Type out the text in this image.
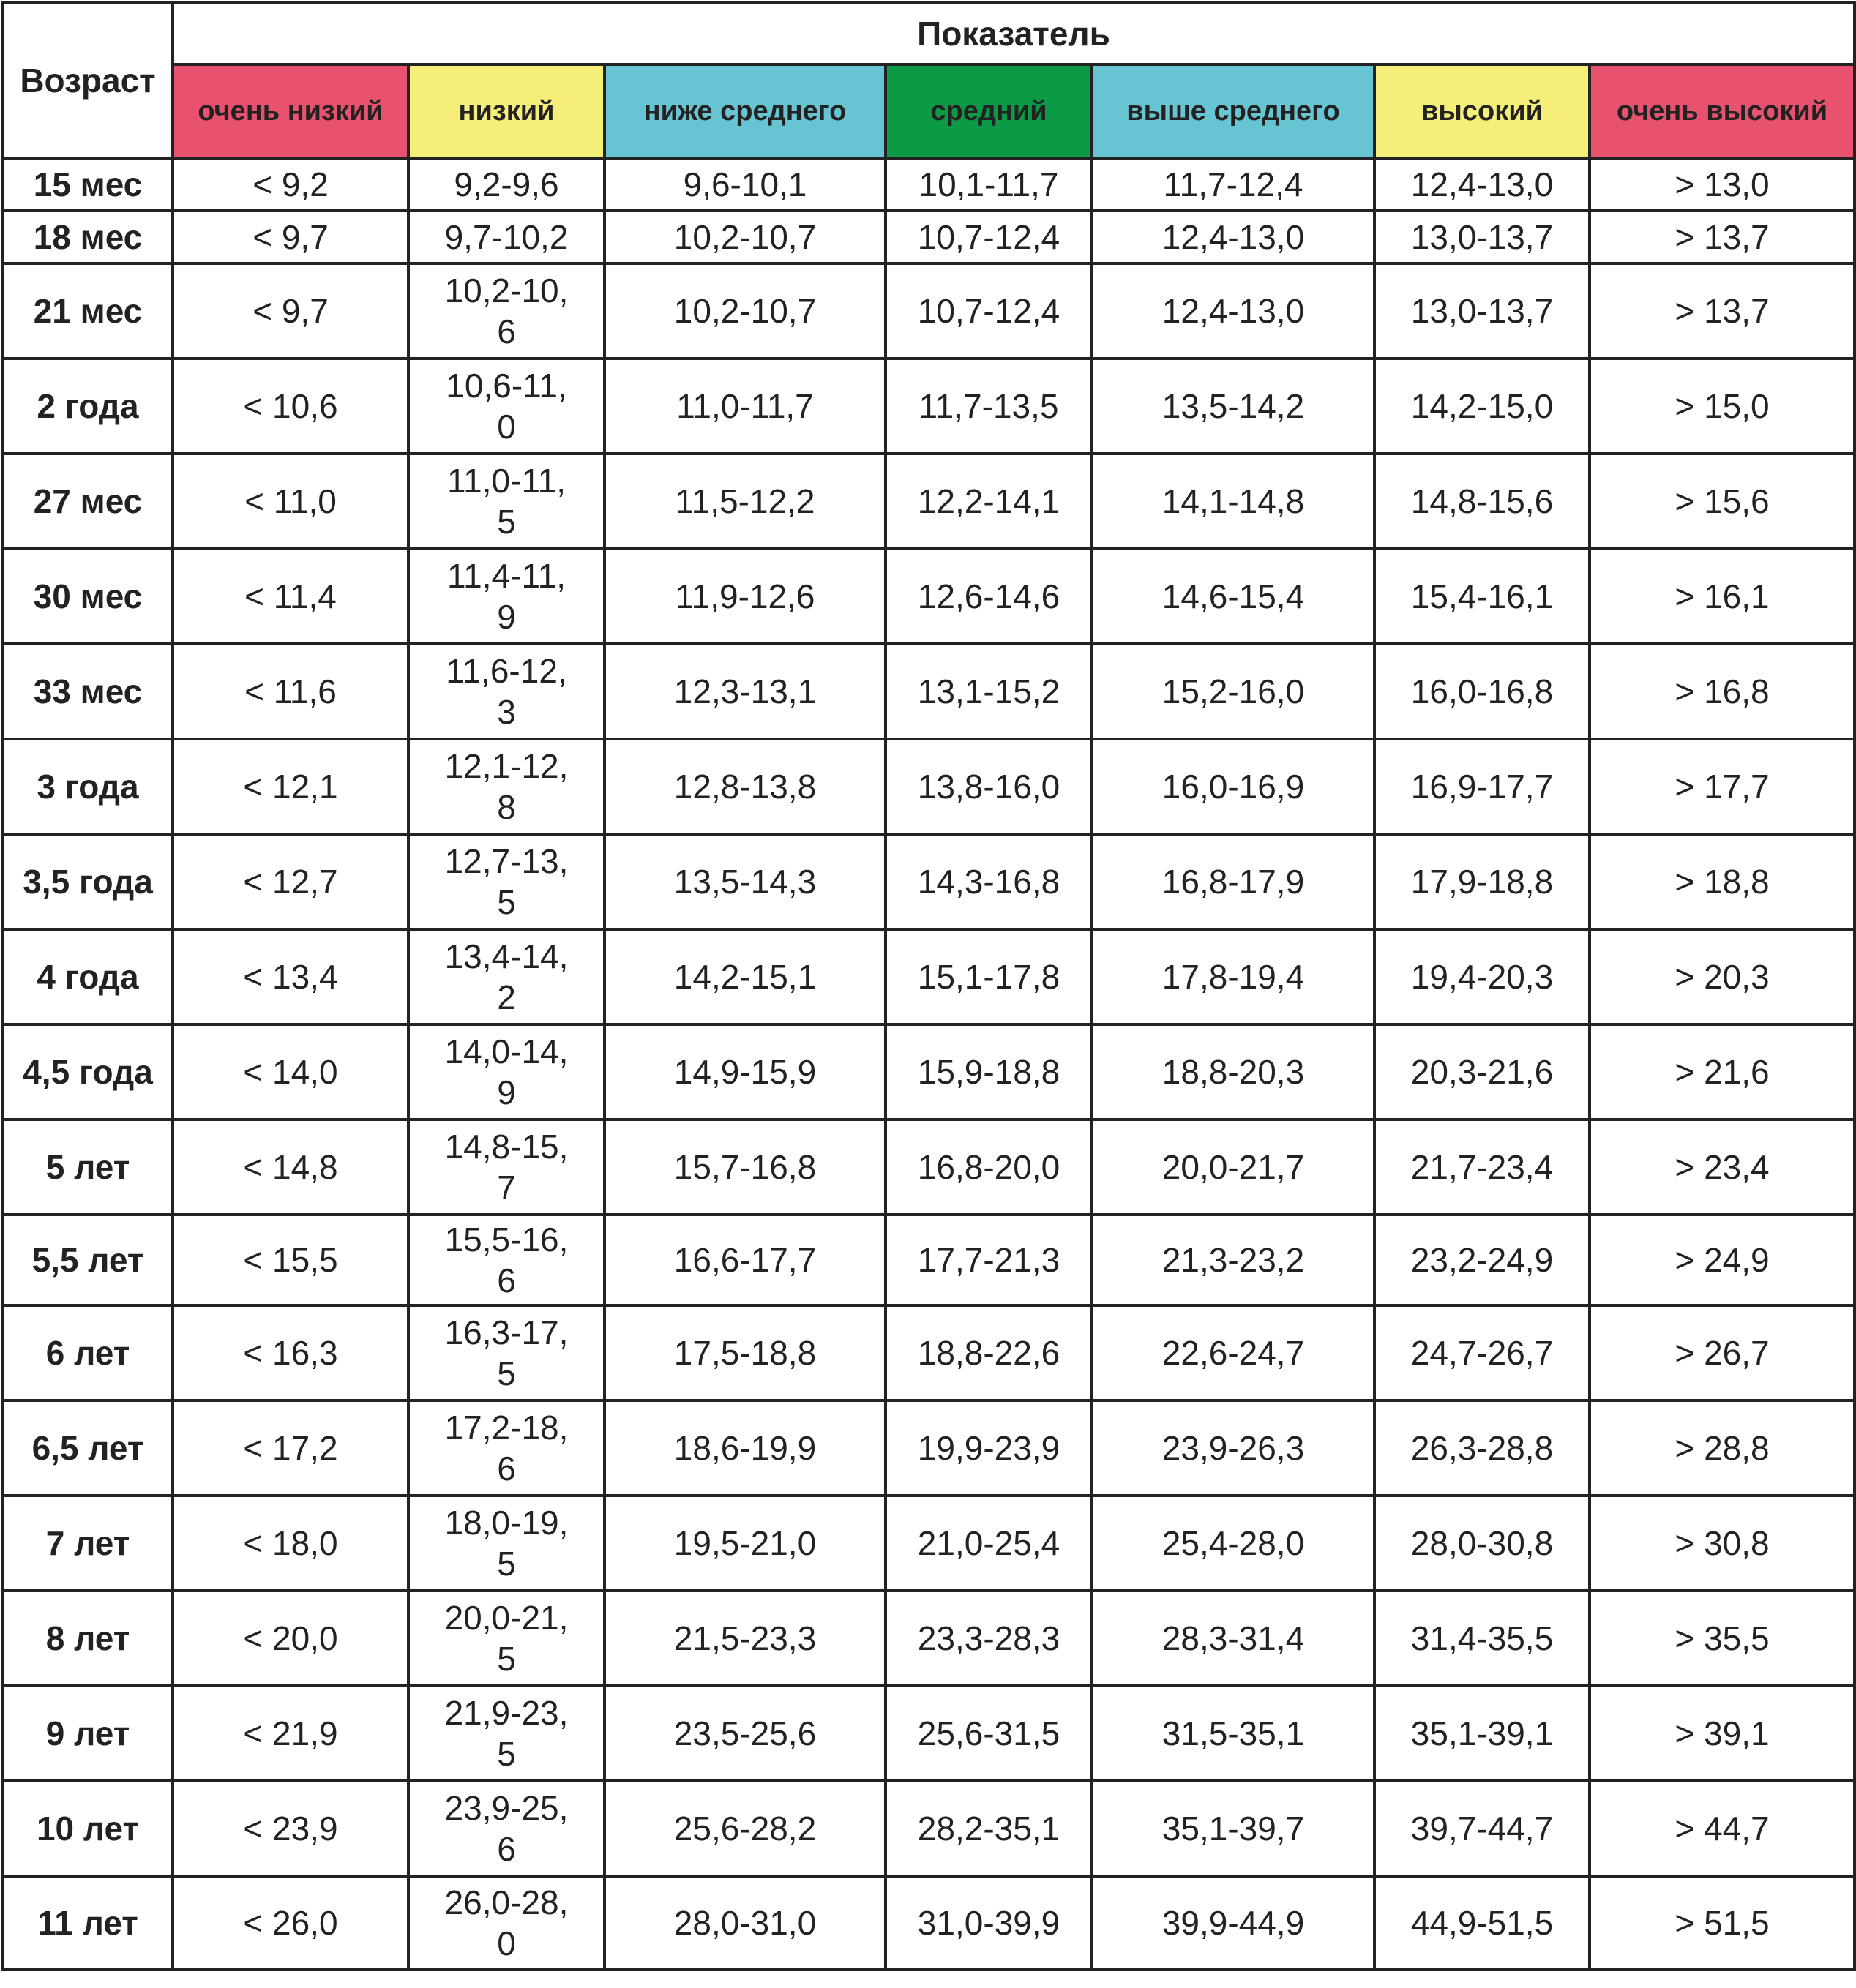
Возраст	Показатель						
	очень низкий	низкий	ниже среднего	средний	выше среднего	высокий	очень высокий
15 мес	< 9,2	9,2-9,6	9,6-10,1	10,1-11,7	11,7-12,4	12,4-13,0	> 13,0
18 мес	< 9,7	9,7-10,2	10,2-10,7	10,7-12,4	12,4-13,0	13,0-13,7	> 13,7
21 мес	< 9,7	10,2-10,6	10,2-10,7	10,7-12,4	12,4-13,0	13,0-13,7	> 13,7
2 года	< 10,6	10,6-11,0	11,0-11,7	11,7-13,5	13,5-14,2	14,2-15,0	> 15,0
27 мес	< 11,0	11,0-11,5	11,5-12,2	12,2-14,1	14,1-14,8	14,8-15,6	> 15,6
30 мес	< 11,4	11,4-11,9	11,9-12,6	12,6-14,6	14,6-15,4	15,4-16,1	> 16,1
33 мес	< 11,6	11,6-12,3	12,3-13,1	13,1-15,2	15,2-16,0	16,0-16,8	> 16,8
3 года	< 12,1	12,1-12,8	12,8-13,8	13,8-16,0	16,0-16,9	16,9-17,7	> 17,7
3,5 года	< 12,7	12,7-13,5	13,5-14,3	14,3-16,8	16,8-17,9	17,9-18,8	> 18,8
4 года	< 13,4	13,4-14,2	14,2-15,1	15,1-17,8	17,8-19,4	19,4-20,3	> 20,3
4,5 года	< 14,0	14,0-14,9	14,9-15,9	15,9-18,8	18,8-20,3	20,3-21,6	> 21,6
5 лет	< 14,8	14,8-15,7	15,7-16,8	16,8-20,0	20,0-21,7	21,7-23,4	> 23,4
5,5 лет	< 15,5	15,5-16,6	16,6-17,7	17,7-21,3	21,3-23,2	23,2-24,9	> 24,9
6 лет	< 16,3	16,3-17,5	17,5-18,8	18,8-22,6	22,6-24,7	24,7-26,7	> 26,7
6,5 лет	< 17,2	17,2-18,6	18,6-19,9	19,9-23,9	23,9-26,3	26,3-28,8	> 28,8
7 лет	< 18,0	18,0-19,5	19,5-21,0	21,0-25,4	25,4-28,0	28,0-30,8	> 30,8
8 лет	< 20,0	20,0-21,5	21,5-23,3	23,3-28,3	28,3-31,4	31,4-35,5	> 35,5
9 лет	< 21,9	21,9-23,5	23,5-25,6	25,6-31,5	31,5-35,1	35,1-39,1	> 39,1
10 лет	< 23,9	23,9-25,6	25,6-28,2	28,2-35,1	35,1-39,7	39,7-44,7	> 44,7
11 лет	< 26,0	26,0-28,0	28,0-31,0	31,0-39,9	39,9-44,9	44,9-51,5	> 51,5
